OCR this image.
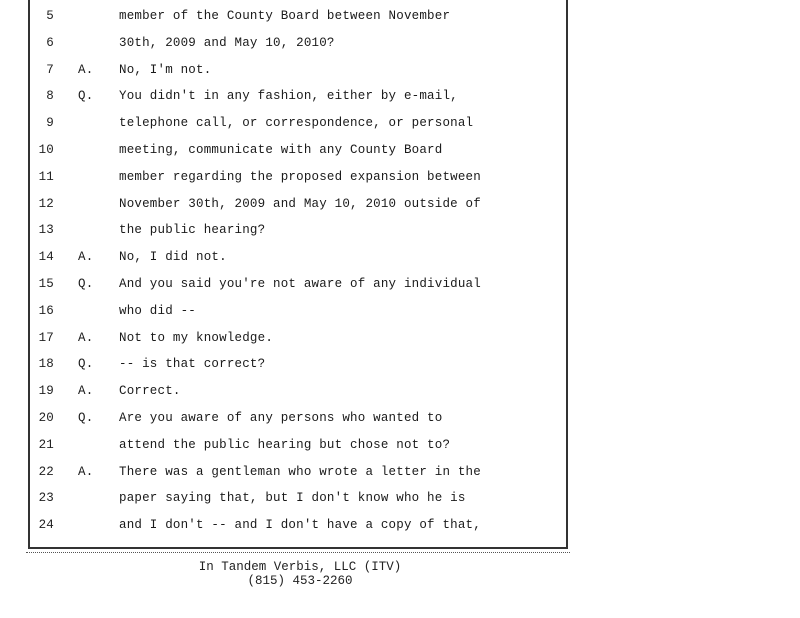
5	member of the County Board between November
6	30th, 2009 and May 10, 2010?
7 A.	No, I'm not.
8 Q.	You didn't in any fashion, either by e-mail,
9	telephone call, or correspondence, or personal
10	meeting, communicate with any County Board
11	member regarding the proposed expansion between
12	November 30th, 2009 and May 10, 2010 outside of
13	the public hearing?
14 A.	No, I did not.
15 Q.	And you said you're not aware of any individual
16	who did --
17 A.	Not to my knowledge.
18 Q.	-- is that correct?
19 A.	Correct.
20 Q.	Are you aware of any persons who wanted to
21	attend the public hearing but chose not to?
22 A.	There was a gentleman who wrote a letter in the
23	paper saying that, but I don't know who he is
24	and I don't -- and I don't have a copy of that,
In Tandem Verbis, LLC (ITV)
(815) 453-2260
